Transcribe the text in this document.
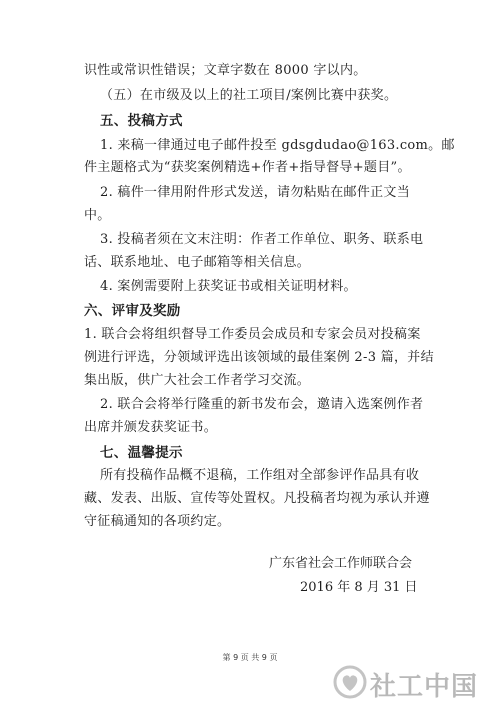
识性或常识性错误；文章字数在 8000 字以内。
（五）在市级及以上的社工项目/案例比赛中获奖。
五、投稿方式
1. 来稿一律通过电子邮件投至 gdsgdudao@163.com。邮
件主题格式为“获奖案例精选+作者+指导督导+题目”。
2. 稿件一律用附件形式发送，请勿粘贴在邮件正文当
中。
3. 投稿者须在文末注明：作者工作单位、职务、联系电
话、联系地址、电子邮箱等相关信息。
4. 案例需要附上获奖证书或相关证明材料。
六、评审及奖励
1. 联合会将组织督导工作委员会成员和专家会员对投稿案
例进行评选，分领域评选出该领域的最佳案例 2-3 篇，并结
集出版，供广大社会工作者学习交流。
2. 联合会将举行隆重的新书发布会，邀请入选案例作者
出席并颁发获奖证书。
七、温馨提示
所有投稿作品概不退稿，工作组对全部参评作品具有收
藏、发表、出版、宣传等处置权。凡投稿者均视为承认并遵
守征稿通知的各项约定。
广东省社会工作师联合会
2016 年 8 月 31 日
第 9 页 共 9 页
社工中国
